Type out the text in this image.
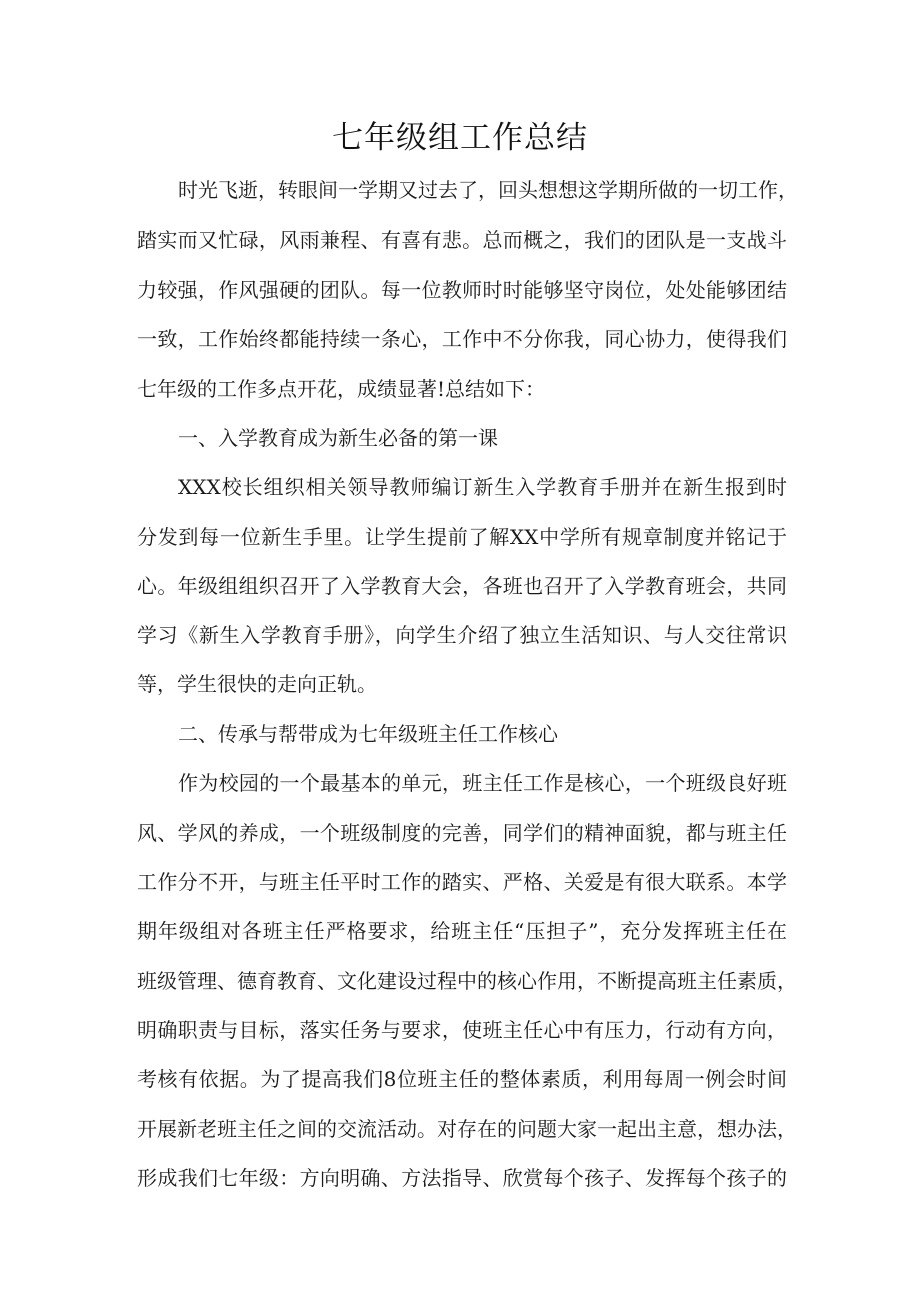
七年级组工作总结
时光飞逝，转眼间一学期又过去了，回头想想这学期所做的一切工作，
踏实而又忙碌，风雨兼程、有喜有悲。总而概之，我们的团队是一支战斗
力较强，作风强硬的团队。每一位教师时时能够坚守岗位，处处能够团结
一致，工作始终都能持续一条心，工作中不分你我，同心协力，使得我们
七年级的工作多点开花，成绩显著!总结如下：
一、入学教育成为新生必备的第一课
XXX校长组织相关领导教师编订新生入学教育手册并在新生报到时
分发到每一位新生手里。让学生提前了解XX中学所有规章制度并铭记于
心。年级组组织召开了入学教育大会，各班也召开了入学教育班会，共同
学习《新生入学教育手册》，向学生介绍了独立生活知识、与人交往常识
等，学生很快的走向正轨。
二、传承与帮带成为七年级班主任工作核心
作为校园的一个最基本的单元，班主任工作是核心，一个班级良好班
风、学风的养成，一个班级制度的完善，同学们的精神面貌，都与班主任
工作分不开，与班主任平时工作的踏实、严格、关爱是有很大联系。本学
期年级组对各班主任严格要求，给班主任“压担子”，充分发挥班主任在
班级管理、德育教育、文化建设过程中的核心作用，不断提高班主任素质，
明确职责与目标，落实任务与要求，使班主任心中有压力，行动有方向，
考核有依据。为了提高我们8位班主任的整体素质，利用每周一例会时间
开展新老班主任之间的交流活动。对存在的问题大家一起出主意，想办法，
形成我们七年级：方向明确、方法指导、欣赏每个孩子、发挥每个孩子的
